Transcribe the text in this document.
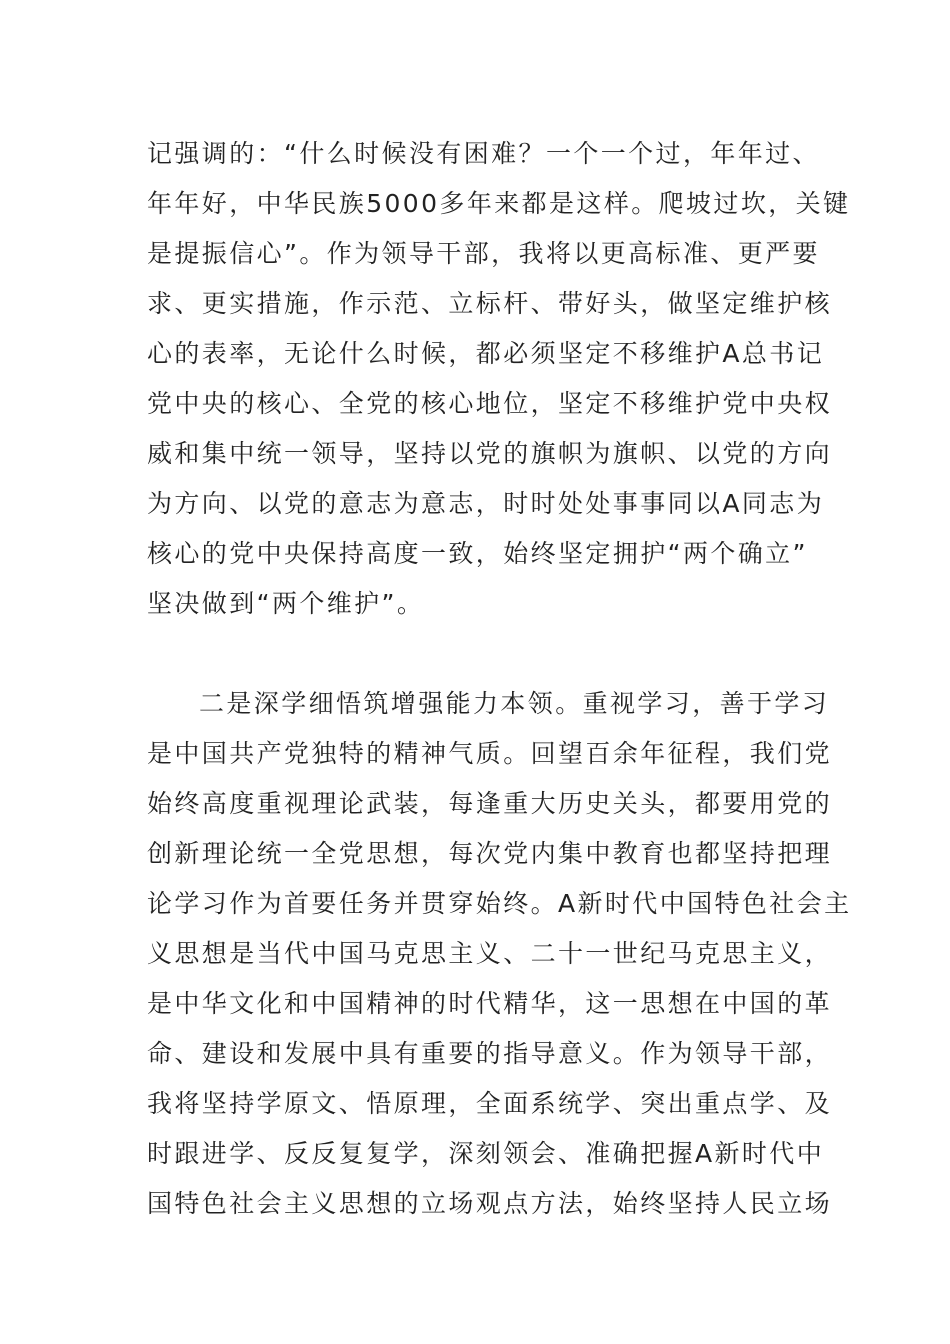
记强调的：“什么时候没有困难？一个一个过，年年过、
年年好，中华民族5000多年来都是这样。爬坡过坎，关键
是提振信心”。作为领导干部，我将以更高标准、更严要
求、更实措施，作示范、立标杆、带好头，做坚定维护核
心的表率，无论什么时候，都必须坚定不移维护A总书记
党中央的核心、全党的核心地位，坚定不移维护党中央权
威和集中统一领导，坚持以党的旗帜为旗帜、以党的方向
为方向、以党的意志为意志，时时处处事事同以A同志为
核心的党中央保持高度一致，始终坚定拥护“两个确立”
坚决做到“两个维护”。
二是深学细悟筑增强能力本领。重视学习，善于学习
是中国共产党独特的精神气质。回望百余年征程，我们党
始终高度重视理论武装，每逢重大历史关头，都要用党的
创新理论统一全党思想，每次党内集中教育也都坚持把理
论学习作为首要任务并贯穿始终。A新时代中国特色社会主
义思想是当代中国马克思主义、二十一世纪马克思主义，
是中华文化和中国精神的时代精华，这一思想在中国的革
命、建设和发展中具有重要的指导意义。作为领导干部，
我将坚持学原文、悟原理，全面系统学、突出重点学、及
时跟进学、反反复复学，深刻领会、准确把握A新时代中
国特色社会主义思想的立场观点方法，始终坚持人民立场
